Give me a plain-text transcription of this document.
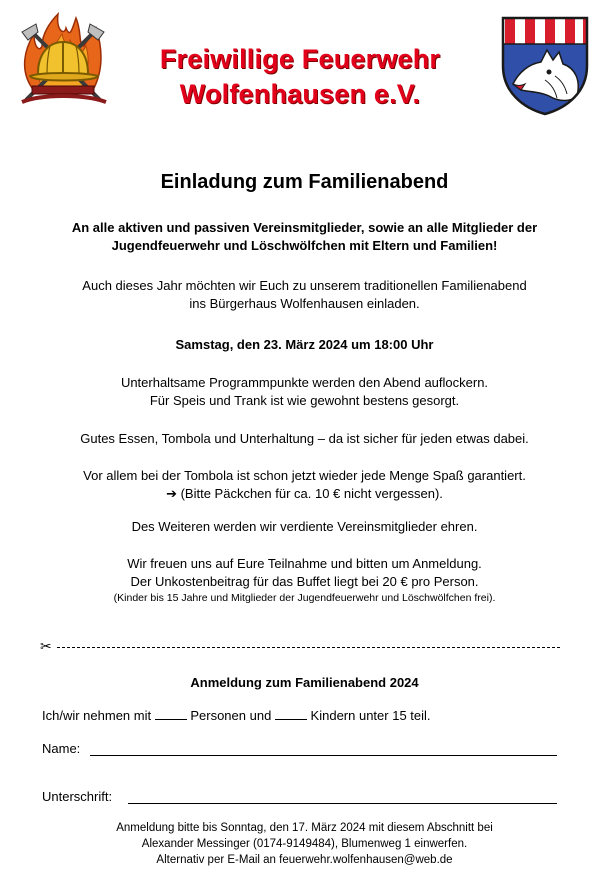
Freiwillige Feuerwehr
Wolfenhausen e.V.
Einladung zum Familienabend
An alle aktiven und passiven Vereinsmitglieder, sowie an alle Mitglieder der
Jugendfeuerwehr und Löschwölfchen mit Eltern und Familien!
Auch dieses Jahr möchten wir Euch zu unserem traditionellen Familienabend
ins Bürgerhaus Wolfenhausen einladen.
Samstag, den 23. März 2024 um 18:00 Uhr
Unterhaltsame Programmpunkte werden den Abend auflockern.
Für Speis und Trank ist wie gewohnt bestens gesorgt.
Gutes Essen, Tombola und Unterhaltung – da ist sicher für jeden etwas dabei.
Vor allem bei der Tombola ist schon jetzt wieder jede Menge Spaß garantiert.
➔ (Bitte Päckchen für ca. 10 € nicht vergessen).
Des Weiteren werden wir verdiente Vereinsmitglieder ehren.
Wir freuen uns auf Eure Teilnahme und bitten um Anmeldung.
Der Unkostenbeitrag für das Buffet liegt bei 20 € pro Person.
(Kinder bis 15 Jahre und Mitglieder der Jugendfeuerwehr und Löschwölfchen frei).
✂
Anmeldung zum Familienabend 2024
Ich/wir nehmen mit	Personen und	Kindern unter 15 teil.
Name:
Unterschrift:
Anmeldung bitte bis Sonntag, den 17. März 2024 mit diesem Abschnitt bei
Alexander Messinger (0174-9149484), Blumenweg 1 einwerfen.
Alternativ per E-Mail an feuerwehr.wolfenhausen@web.de
